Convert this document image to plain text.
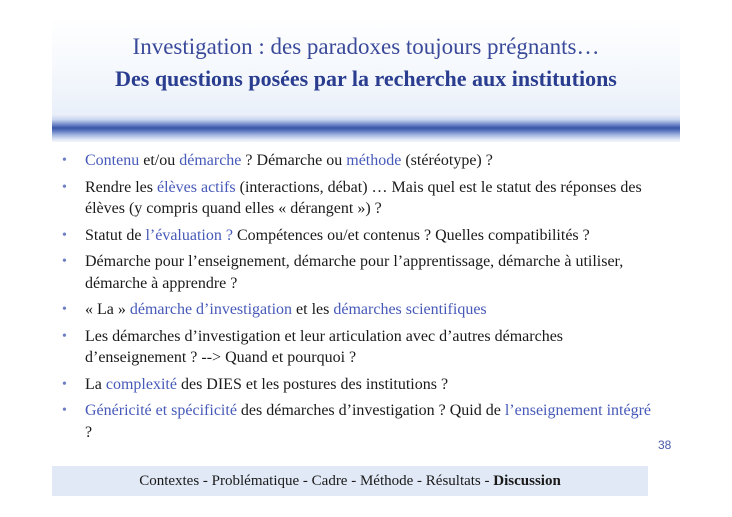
Investigation : des paradoxes toujours prégnants…
Des questions posées par la recherche aux institutions
• Contenu et/ou démarche ? Démarche ou méthode (stéréotype) ?
• Rendre les élèves actifs (interactions, débat) … Mais quel est le statut des réponses des élèves (y compris quand elles « dérangent ») ?
• Statut de l’évaluation ? Compétences ou/et contenus ? Quelles compatibilités ?
• Démarche pour l’enseignement, démarche pour l’apprentissage, démarche à utiliser, démarche à apprendre ?
• « La » démarche d’investigation et les démarches scientifiques
• Les démarches d’investigation et leur articulation avec d’autres démarches d’enseignement ? --> Quand et pourquoi ?
• La complexité des DIES et les postures des institutions ?
• Généricité et spécificité des démarches d’investigation ? Quid de l’enseignement intégré ?
38
Contextes - Problématique - Cadre - Méthode - Résultats - Discussion
